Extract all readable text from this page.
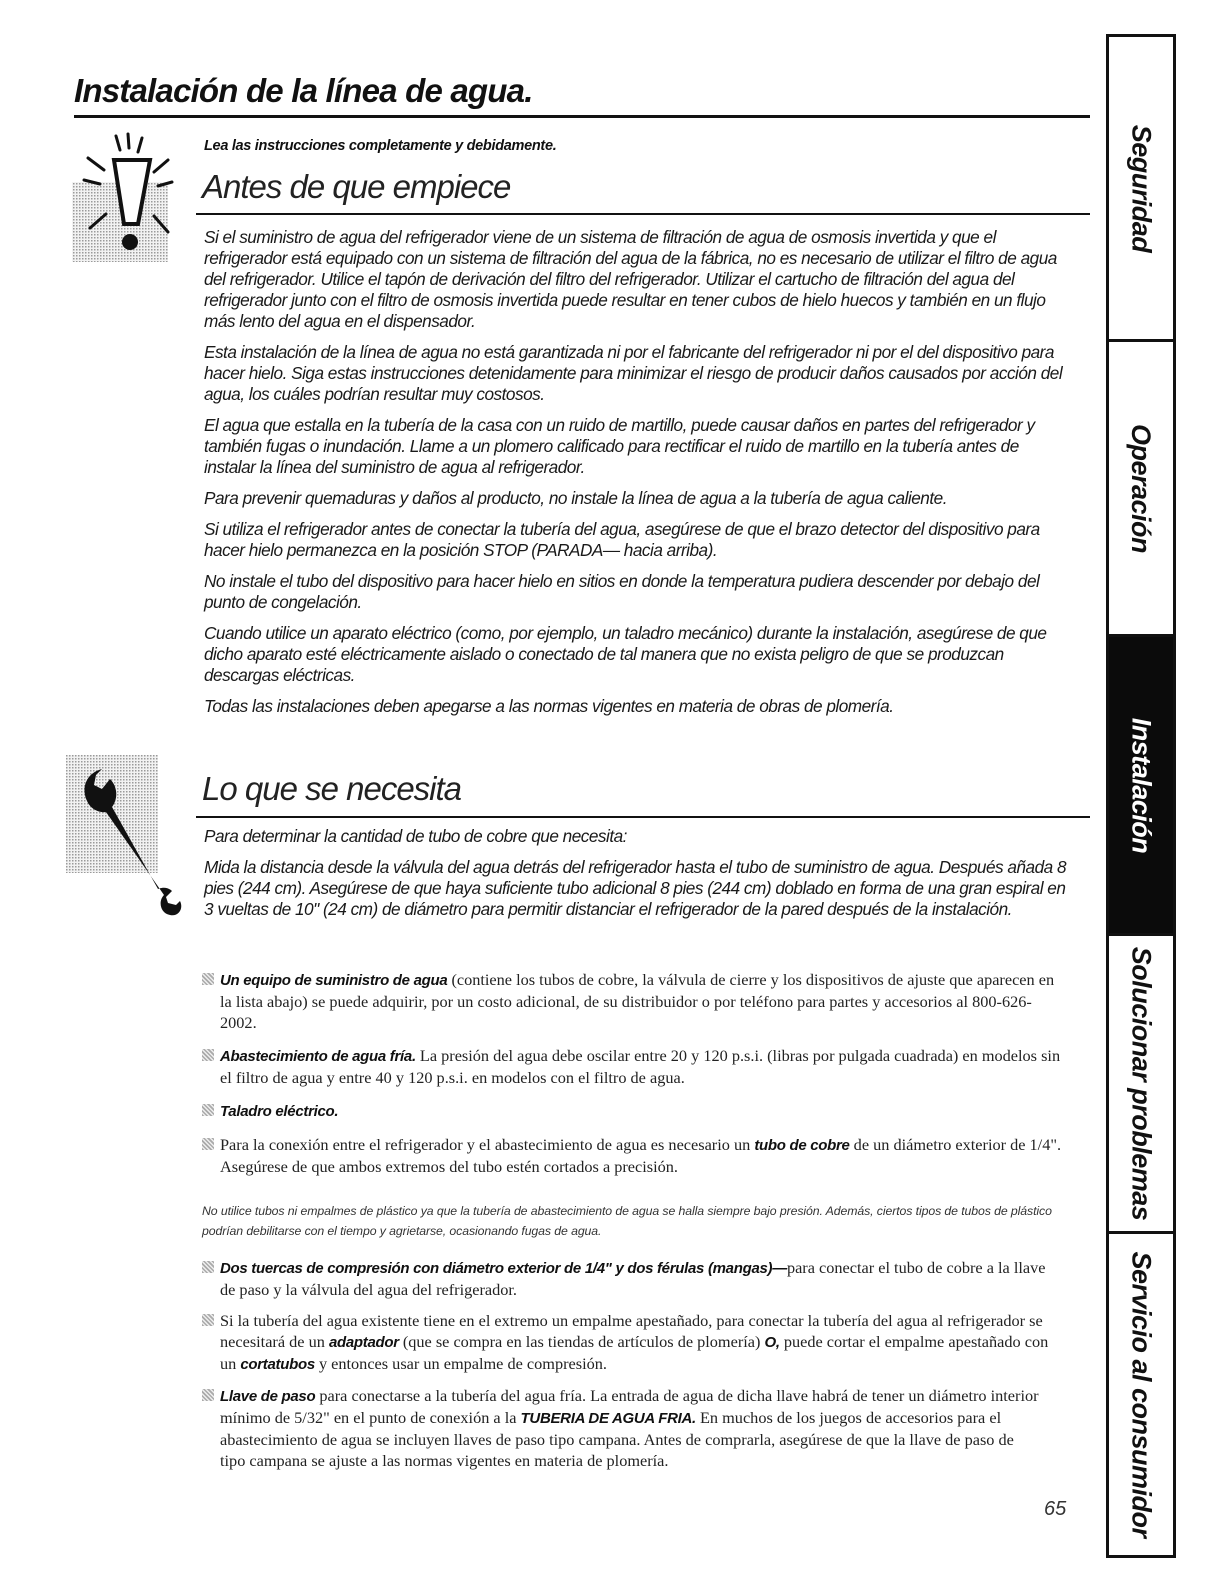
Instalación de la línea de agua.

Lea las instrucciones completamente y debidamente.

Antes de que empiece

Si el suministro de agua del refrigerador viene de un sistema de filtración de agua de osmosis invertida y que el refrigerador está equipado con un sistema de filtración del agua de la fábrica, no es necesario de utilizar el filtro de agua del refrigerador. Utilice el tapón de derivación del filtro del refrigerador. Utilizar el cartucho de filtración del agua del refrigerador junto con el filtro de osmosis invertida puede resultar en tener cubos de hielo huecos y también en un flujo más lento del agua en el dispensador.

Esta instalación de la línea de agua no está garantizada ni por el fabricante del refrigerador ni por el del dispositivo para hacer hielo. Siga estas instrucciones detenidamente para minimizar el riesgo de producir daños causados por acción del agua, los cuáles podrían resultar muy costosos.

El agua que estalla en la tubería de la casa con un ruido de martillo, puede causar daños en partes del refrigerador y también fugas o inundación. Llame a un plomero calificado para rectificar el ruido de martillo en la tubería antes de instalar la línea del suministro de agua al refrigerador.

Para prevenir quemaduras y daños al producto, no instale la línea de agua a la tubería de agua caliente.

Si utiliza el refrigerador antes de conectar la tubería del agua, asegúrese de que el brazo detector del dispositivo para hacer hielo permanezca en la posición STOP (PARADA— hacia arriba).

No instale el tubo del dispositivo para hacer hielo en sitios en donde la temperatura pudiera descender por debajo del punto de congelación.

Cuando utilice un aparato eléctrico (como, por ejemplo, un taladro mecánico) durante la instalación, asegúrese de que dicho aparato esté eléctricamente aislado o conectado de tal manera que no exista peligro de que se produzcan descargas eléctricas.

Todas las instalaciones deben apegarse a las normas vigentes en materia de obras de plomería.

Lo que se necesita

Para determinar la cantidad de tubo de cobre que necesita:

Mida la distancia desde la válvula del agua detrás del refrigerador hasta el tubo de suministro de agua. Después añada 8 pies (244 cm). Asegúrese de que haya suficiente tubo adicional 8 pies (244 cm) doblado en forma de una gran espiral en 3 vueltas de 10" (24 cm) de diámetro para permitir distanciar el refrigerador de la pared después de la instalación.

Un equipo de suministro de agua (contiene los tubos de cobre, la válvula de cierre y los dispositivos de ajuste que aparecen en la lista abajo) se puede adquirir, por un costo adicional, de su distribuidor o por teléfono para partes y accesorios al 800-626-2002.
Abastecimiento de agua fría. La presión del agua debe oscilar entre 20 y 120 p.s.i. (libras por pulgada cuadrada) en modelos sin el filtro de agua y entre 40 y 120 p.s.i. en modelos con el filtro de agua.
Taladro eléctrico.
Para la conexión entre el refrigerador y el abastecimiento de agua es necesario un tubo de cobre de un diámetro exterior de 1/4". Asegúrese de que ambos extremos del tubo estén cortados a precisión.
No utilice tubos ni empalmes de plástico ya que la tubería de abastecimiento de agua se halla siempre bajo presión. Además, ciertos tipos de tubos de plástico podrían debilitarse con el tiempo y agrietarse, ocasionando fugas de agua.
Dos tuercas de compresión con diámetro exterior de 1/4" y dos férulas (mangas)—para conectar el tubo de cobre a la llave de paso y la válvula del agua del refrigerador.
Si la tubería del agua existente tiene en el extremo un empalme apestañado, para conectar la tubería del agua al refrigerador se necesitará de un adaptador (que se compra en las tiendas de artículos de plomería) O, puede cortar el empalme apestañado con un cortatubos y entonces usar un empalme de compresión.
Llave de paso para conectarse a la tubería del agua fría. La entrada de agua de dicha llave habrá de tener un diámetro interior mínimo de 5/32" en el punto de conexión a la TUBERIA DE AGUA FRIA. En muchos de los juegos de accesorios para el abastecimiento de agua se incluyen llaves de paso tipo campana. Antes de comprarla, asegúrese de que la llave de paso de tipo campana se ajuste a las normas vigentes en materia de plomería.
65
Seguridad
Operación
Instalación
Solucionar problemas
Servicio al consumidor
